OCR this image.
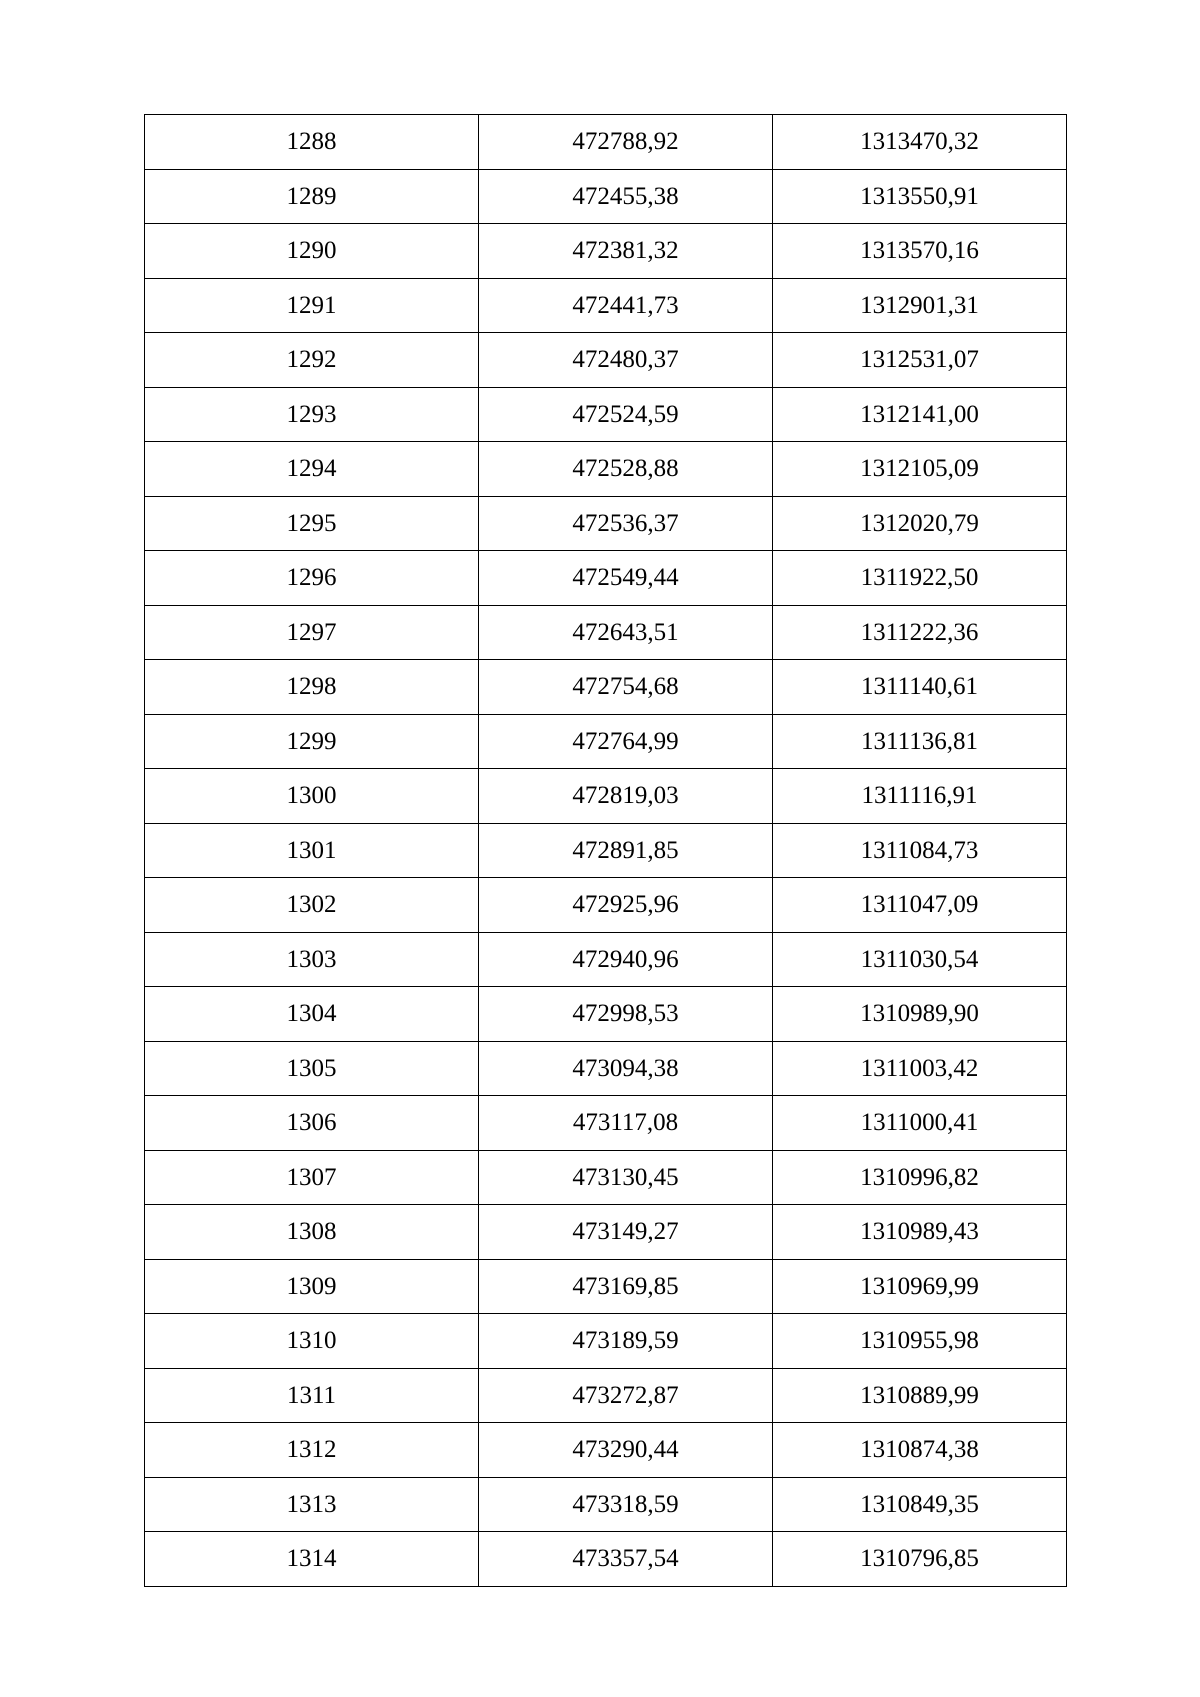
1288	472788,92	1313470,32
1289	472455,38	1313550,91
1290	472381,32	1313570,16
1291	472441,73	1312901,31
1292	472480,37	1312531,07
1293	472524,59	1312141,00
1294	472528,88	1312105,09
1295	472536,37	1312020,79
1296	472549,44	1311922,50
1297	472643,51	1311222,36
1298	472754,68	1311140,61
1299	472764,99	1311136,81
1300	472819,03	1311116,91
1301	472891,85	1311084,73
1302	472925,96	1311047,09
1303	472940,96	1311030,54
1304	472998,53	1310989,90
1305	473094,38	1311003,42
1306	473117,08	1311000,41
1307	473130,45	1310996,82
1308	473149,27	1310989,43
1309	473169,85	1310969,99
1310	473189,59	1310955,98
1311	473272,87	1310889,99
1312	473290,44	1310874,38
1313	473318,59	1310849,35
1314	473357,54	1310796,85
